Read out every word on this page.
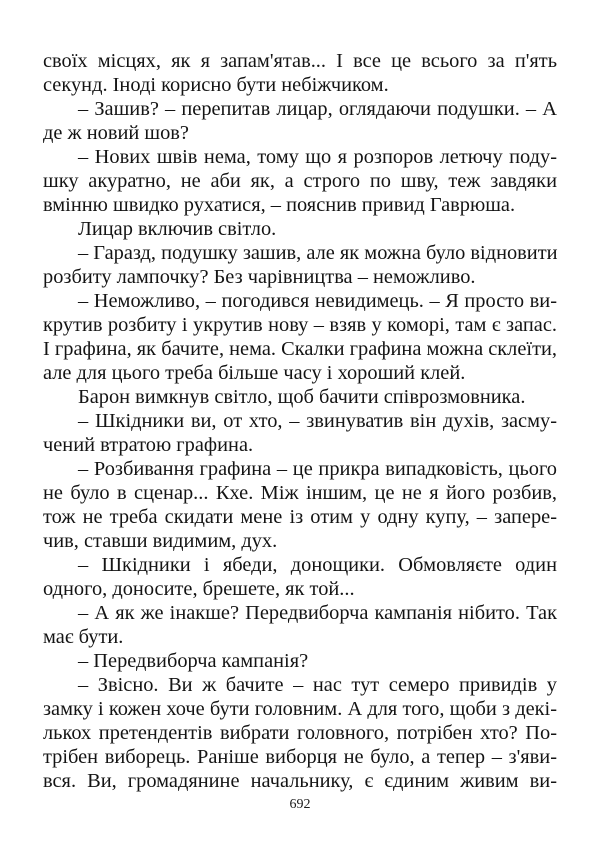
своїх місцях, як я запам'ятав... І все це всього за п'ять
секунд. Іноді корисно бути небіжчиком.
– Зашив? – перепитав лицар, оглядаючи подушки. – А
де ж новий шов?
– Нових швів нема, тому що я розпоров летючу поду-
шку акуратно, не аби як, а строго по шву, теж завдяки
вмінню швидко рухатися, – пояснив привид Гаврюша.
Лицар включив світло.
– Гаразд, подушку зашив, але як можна було відновити
розбиту лампочку? Без чарівництва – неможливо.
– Неможливо, – погодився невидимець. – Я просто ви-
крутив розбиту і укрутив нову – взяв у коморі, там є запас.
І графина, як бачите, нема. Скалки графина можна склеїти,
але для цього треба більше часу і хороший клей.
Барон вимкнув світло, щоб бачити співрозмовника.
– Шкідники ви, от хто, – звинуватив він духів, засму-
чений втратою графина.
– Розбивання графина – це прикра випадковість, цього
не було в сценар... Кхе. Між іншим, це не я його розбив,
тож не треба скидати мене із отим у одну купу, – запере-
чив, ставши видимим, дух.
– Шкідники і ябеди, донощики. Обмовляєте один
одного, доносите, брешете, як той...
– А як же інакше? Передвиборча кампанія нібито. Так
має бути.
– Передвиборча кампанія?
– Звісно. Ви ж бачите – нас тут семеро привидів у
замку і кожен хоче бути головним. А для того, щоби з декі-
лькох претендентів вибрати головного, потрібен хто? По-
трібен виборець. Раніше виборця не було, а тепер – з'яви-
вся. Ви, громадянине начальнику, є єдиним живим ви-
692
